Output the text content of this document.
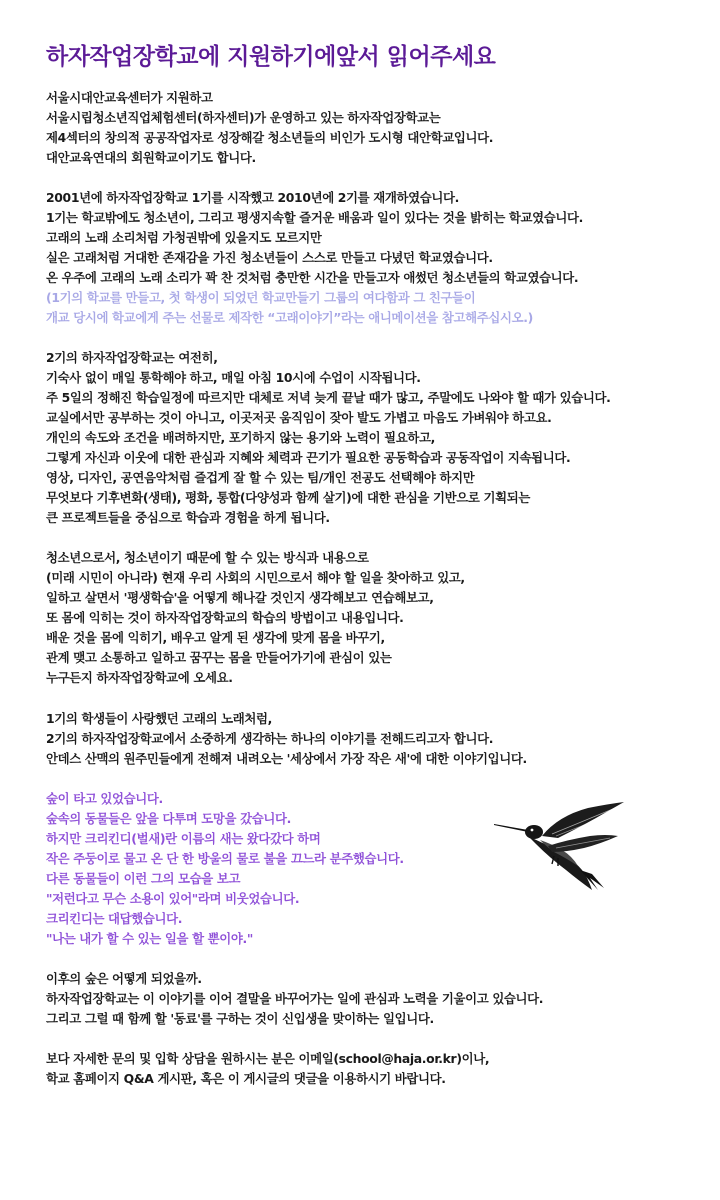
하자작업장학교에 지원하기에앞서 읽어주세요
서울시대안교육센터가 지원하고
서울시립청소년직업체험센터(하자센터)가 운영하고 있는 하자작업장학교는
제4섹터의 창의적 공공작업자로 성장해갈 청소년들의 비인가 도시형 대안학교입니다.
대안교육연대의 회원학교이기도 합니다.
2001년에 하자작업장학교 1기를 시작했고 2010년에 2기를 재개하였습니다.
1기는 학교밖에도 청소년이, 그리고 평생지속할 즐거운 배움과 일이 있다는 것을 밝히는 학교였습니다.
고래의 노래 소리처럼 가청권밖에 있을지도 모르지만
실은 고래처럼 거대한 존재감을 가진 청소년들이 스스로 만들고 다녔던 학교였습니다.
온 우주에 고래의 노래 소리가 꽉 찬 것처럼 충만한 시간을 만들고자 애썼던 청소년들의 학교였습니다.
(1기의 학교를 만들고, 첫 학생이 되었던 학교만들기 그룹의 여다함과 그 친구들이
개교 당시에 학교에게 주는 선물로 제작한 “고래이야기”라는 애니메이션을 참고해주십시오.)
2기의 하자작업장학교는 여전히,
기숙사 없이 매일 통학해야 하고, 매일 아침 10시에 수업이 시작됩니다.
주 5일의 정해진 학습일정에 따르지만 대체로 저녁 늦게 끝날 때가 많고, 주말에도 나와야 할 때가 있습니다.
교실에서만 공부하는 것이 아니고, 이곳저곳 움직임이 잦아 발도 가볍고 마음도 가벼워야 하고요.
개인의 속도와 조건을 배려하지만, 포기하지 않는 용기와 노력이 필요하고,
그렇게 자신과 이웃에 대한 관심과 지혜와 체력과 끈기가 필요한 공동학습과 공동작업이 지속됩니다.
영상, 디자인, 공연음악처럼 즐겁게 잘 할 수 있는 팀/개인 전공도 선택해야 하지만
무엇보다 기후변화(생태), 평화, 통합(다양성과 함께 살기)에 대한 관심을 기반으로 기획되는
큰 프로젝트들을 중심으로 학습과 경험을 하게 됩니다.
청소년으로서, 청소년이기 때문에 할 수 있는 방식과 내용으로
(미래 시민이 아니라) 현재 우리 사회의 시민으로서 해야 할 일을 찾아하고 있고,
일하고 살면서 '평생학습'을 어떻게 해나갈 것인지 생각해보고 연습해보고,
또 몸에 익히는 것이 하자작업장학교의 학습의 방법이고 내용입니다.
배운 것을 몸에 익히기, 배우고 알게 된 생각에 맞게 몸을 바꾸기,
관계 맺고 소통하고 일하고 꿈꾸는 몸을 만들어가기에 관심이 있는
누구든지 하자작업장학교에 오세요.
1기의 학생들이 사랑했던 고래의 노래처럼,
2기의 하자작업장학교에서 소중하게 생각하는 하나의 이야기를 전해드리고자 합니다.
안데스 산맥의 원주민들에게 전해져 내려오는 '세상에서 가장 작은 새'에 대한 이야기입니다.
숲이 타고 있었습니다.
숲속의 동물들은 앞을 다투며 도망을 갔습니다.
하지만 크리킨디(벌새)란 이름의 새는 왔다갔다 하며
작은 주둥이로 물고 온 단 한 방울의 물로 불을 끄느라 분주했습니다.
다른 동물들이 이런 그의 모습을 보고
"저런다고 무슨 소용이 있어"라며 비웃었습니다.
크리킨디는 대답했습니다.
"나는 내가 할 수 있는 일을 할 뿐이야."
이후의 숲은 어떻게 되었을까.
하자작업장학교는 이 이야기를 이어 결말을 바꾸어가는 일에 관심과 노력을 기울이고 있습니다.
그리고 그럴 때 함께 할 '동료'를 구하는 것이 신입생을 맞이하는 일입니다.
보다 자세한 문의 및 입학 상담을 원하시는 분은 이메일(school@haja.or.kr)이나,
학교 홈페이지 Q&A 게시판, 혹은 이 게시글의 댓글을 이용하시기 바랍니다.
